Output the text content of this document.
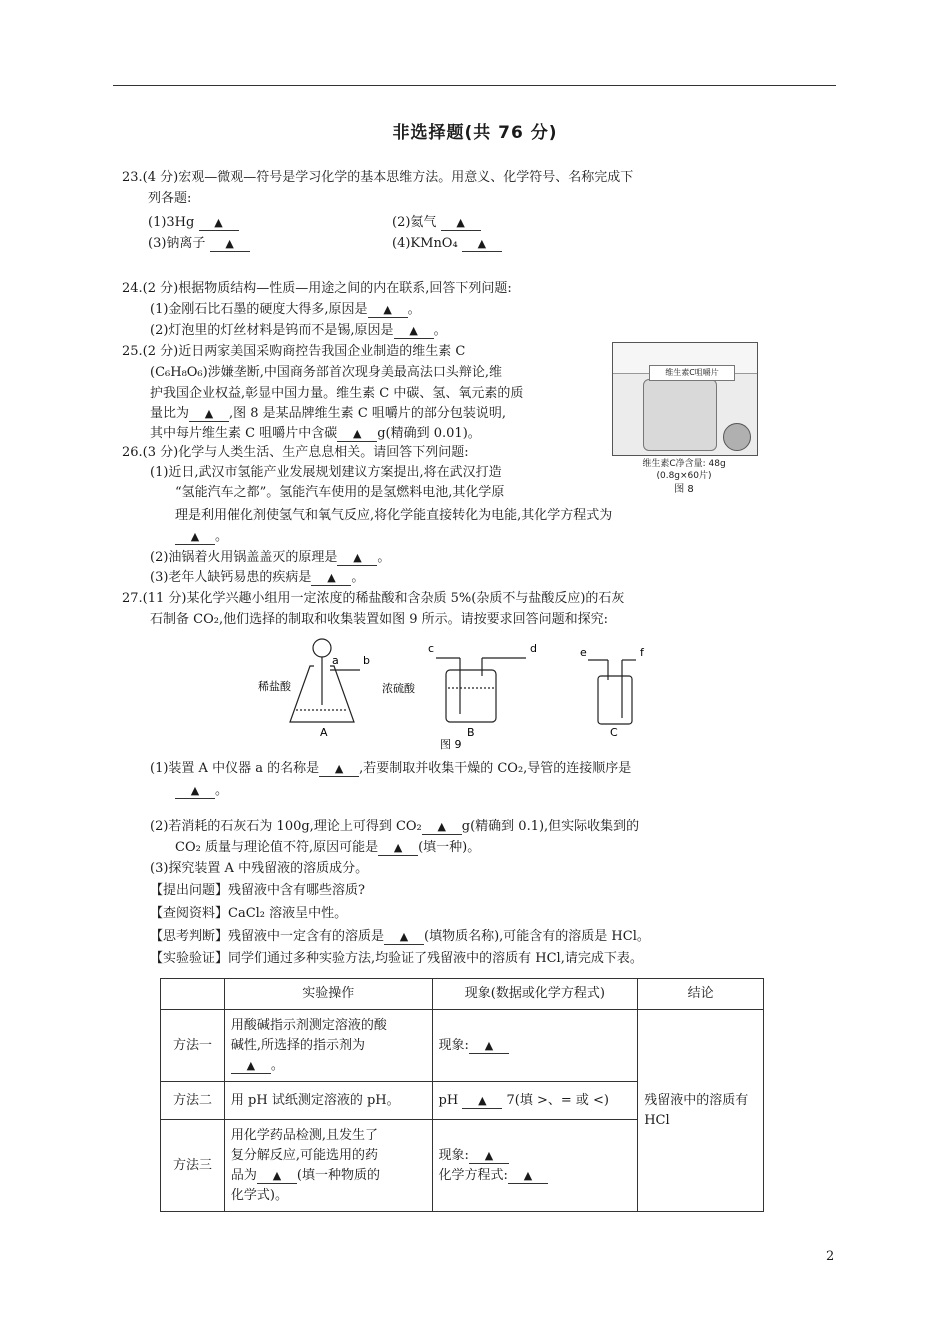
非选择题(共 76 分)
23.(4 分)宏观—微观—符号是学习化学的基本思维方法。用意义、化学符号、名称完成下
列各题:
(1)3Hg ▲	(2)氦气 ▲
(3)钠离子 ▲	(4)KMnO₄ ▲
24.(2 分)根据物质结构—性质—用途之间的内在联系,回答下列问题:
(1)金刚石比石墨的硬度大得多,原因是 ▲ 。
(2)灯泡里的灯丝材料是钨而不是锡,原因是 ▲ 。
25.(2 分)近日两家美国采购商控告我国企业制造的维生素 C
(C₆H₈O₆)涉嫌垄断,中国商务部首次现身美最高法口头辩论,维
护我国企业权益,彰显中国力量。维生素 C 中碳、氢、氧元素的质
量比为 ▲ ,图 8 是某品牌维生素 C 咀嚼片的部分包装说明,
其中每片维生素 C 咀嚼片中含碳 ▲ g(精确到 0.01)。
维生素C咀嚼片
维生素C净含量: 48g
(0.8g×60片)
图 8
26.(3 分)化学与人类生活、生产息息相关。请回答下列问题:
(1)近日,武汉市氢能产业发展规划建议方案提出,将在武汉打造
“氢能汽车之都”。氢能汽车使用的是氢燃料电池,其化学原
理是利用催化剂使氢气和氧气反应,将化学能直接转化为电能,其化学方程式为
▲ 。
(2)油锅着火用锅盖盖灭的原理是 ▲ 。
(3)老年人缺钙易患的疾病是 ▲ 。
27.(11 分)某化学兴趣小组用一定浓度的稀盐酸和含杂质 5%(杂质不与盐酸反应)的石灰
石制备 CO₂,他们选择的制取和收集装置如图 9 所示。请按要求回答问题和探究:
a b
稀盐酸
A
c	d
浓硫酸
B
图 9
e	f
C
(1)装置 A 中仪器 a 的名称是 ▲ ,若要制取并收集干燥的 CO₂,导管的连接顺序是
▲ 。
(2)若消耗的石灰石为 100g,理论上可得到 CO₂ ▲ g(精确到 0.1),但实际收集到的
CO₂ 质量与理论值不符,原因可能是 ▲ (填一种)。
(3)探究装置 A 中残留液的溶质成分。
【提出问题】残留液中含有哪些溶质?
【查阅资料】CaCl₂ 溶液呈中性。
【思考判断】残留液中一定含有的溶质是 ▲ (填物质名称),可能含有的溶质是 HCl。
【实验验证】同学们通过多种实验方法,均验证了残留液中的溶质有 HCl,请完成下表。
	实验操作	现象(数据或化学方程式)	结论
方法一	用酸碱指示剂测定溶液的酸
碱性,所选择的指示剂为
▲ 。	现象: ▲	残留液中的溶质有 HCl
方法二	用 pH 试纸测定溶液的 pH。	pH ▲ 7(填 >、= 或 <)	
方法三	用化学药品检测,且发生了
复分解反应,可能选用的药
品为 ▲ (填一种物质的
化学式)。	现象: ▲
化学方程式: ▲	
2
